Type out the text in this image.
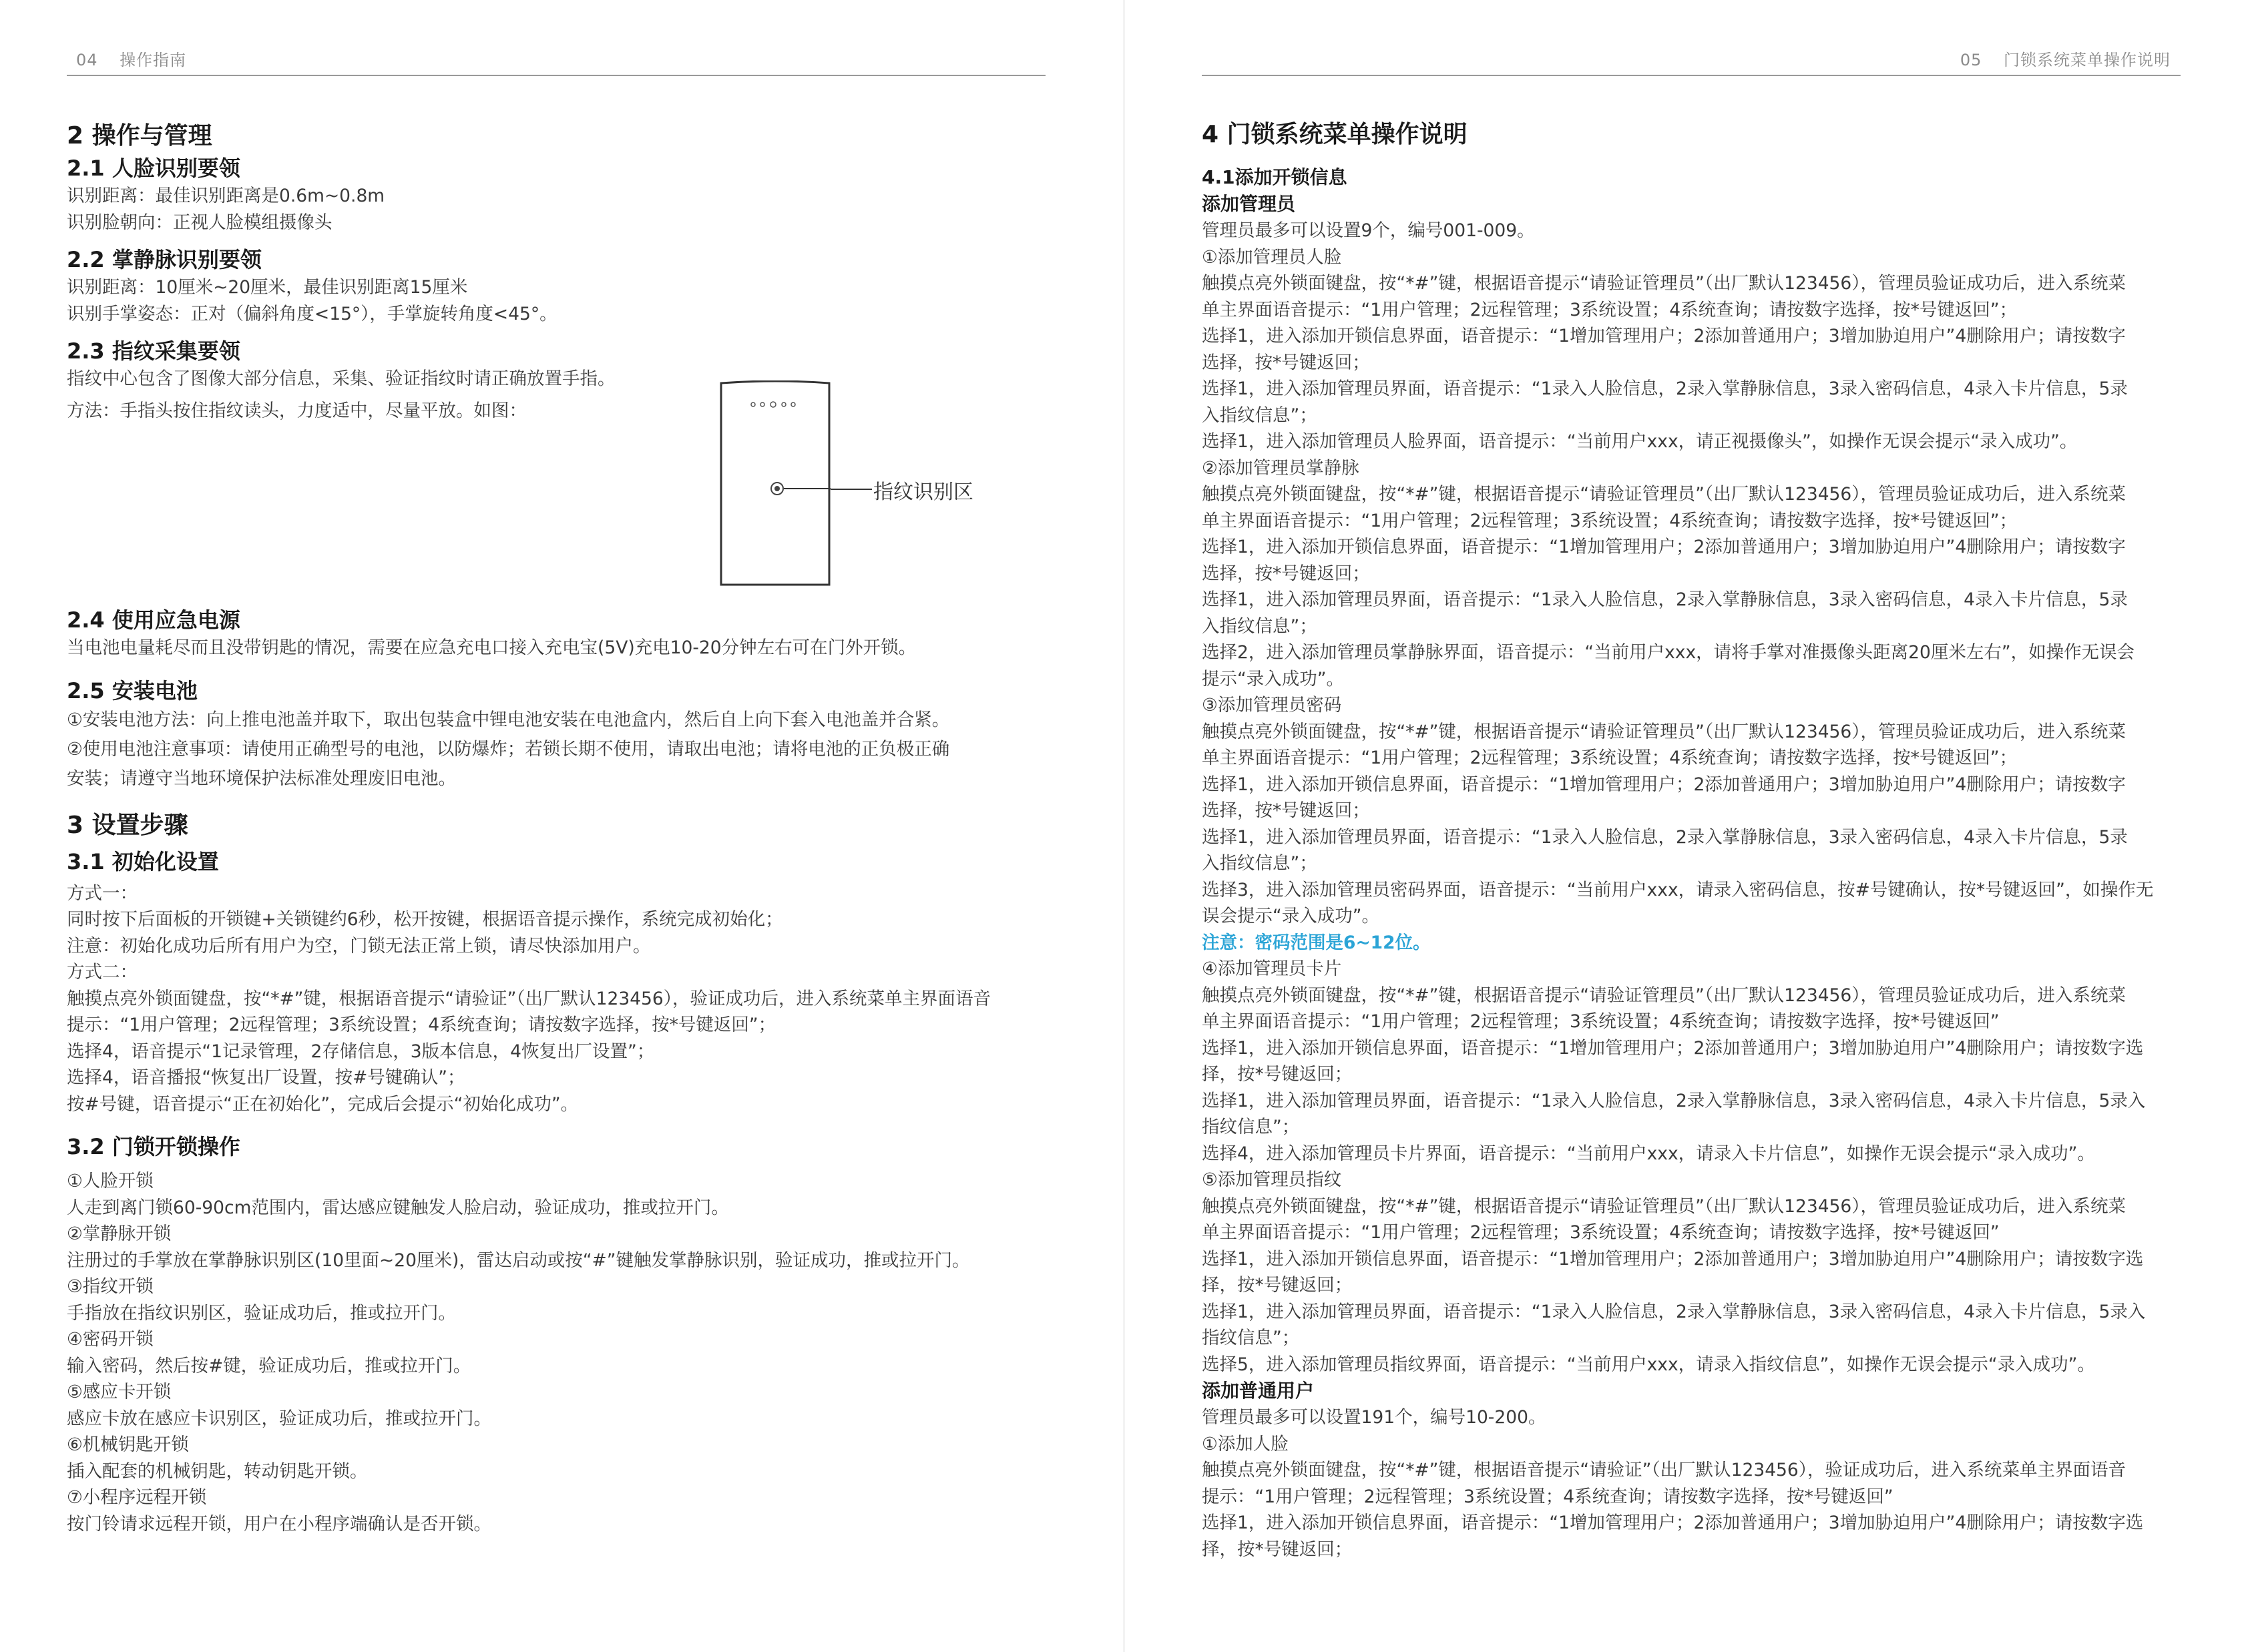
04 操作指南
2 操作与管理
2.1 人脸识别要领
识别距离：最佳识别距离是0.6m~0.8m
识别脸朝向：正视人脸模组摄像头
2.2 掌静脉识别要领
识别距离：10厘米~20厘米，最佳识别距离15厘米
识别手掌姿态：正对（偏斜角度<15°），手掌旋转角度<45°。
2.3 指纹采集要领
指纹中心包含了图像大部分信息，采集、验证指纹时请正确放置手指。
方法：手指头按住指纹读头，力度适中，尽量平放。如图：
2.4 使用应急电源
当电池电量耗尽而且没带钥匙的情况，需要在应急充电口接入充电宝(5V)充电10-20分钟左右可在门外开锁。
2.5 安装电池
①安装电池方法：向上推电池盖并取下，取出包装盒中锂电池安装在电池盒内，然后自上向下套入电池盖并合紧。
②使用电池注意事项：请使用正确型号的电池，以防爆炸；若锁长期不使用，请取出电池；请将电池的正负极正确
安装；请遵守当地环境保护法标准处理废旧电池。
3 设置步骤
3.1 初始化设置
方式一：
同时按下后面板的开锁键+关锁键约6秒，松开按键，根据语音提示操作，系统完成初始化；
注意：初始化成功后所有用户为空，门锁无法正常上锁，请尽快添加用户。
方式二：
触摸点亮外锁面键盘，按“*#”键，根据语音提示“请验证”（出厂默认123456），验证成功后，进入系统菜单主界面语音
提示：“1用户管理；2远程管理；3系统设置；4系统查询；请按数字选择，按*号键返回”；
选择4，语音提示“1记录管理，2存储信息，3版本信息，4恢复出厂设置”；
选择4，语音播报“恢复出厂设置，按#号键确认”；
按#号键，语音提示“正在初始化”，完成后会提示“初始化成功”。
3.2 门锁开锁操作
①人脸开锁
人走到离门锁60-90cm范围内，雷达感应键触发人脸启动，验证成功，推或拉开门。
②掌静脉开锁
注册过的手掌放在掌静脉识别区(10里面~20厘米)，雷达启动或按“#”键触发掌静脉识别，验证成功，推或拉开门。
③指纹开锁
手指放在指纹识别区，验证成功后，推或拉开门。
④密码开锁
输入密码，然后按#键，验证成功后，推或拉开门。
⑤感应卡开锁
感应卡放在感应卡识别区，验证成功后，推或拉开门。
⑥机械钥匙开锁
插入配套的机械钥匙，转动钥匙开锁。
⑦小程序远程开锁
按门铃请求远程开锁，用户在小程序端确认是否开锁。
指纹识别区
05 门锁系统菜单操作说明
4 门锁系统菜单操作说明
4.1添加开锁信息
添加管理员
管理员最多可以设置9个，编号001-009。
①添加管理员人脸
触摸点亮外锁面键盘，按“*#”键，根据语音提示“请验证管理员”（出厂默认123456），管理员验证成功后，进入系统菜
单主界面语音提示：“1用户管理；2远程管理；3系统设置；4系统查询；请按数字选择，按*号键返回”；
选择1，进入添加开锁信息界面，语音提示：“1增加管理用户；2添加普通用户；3增加胁迫用户”4删除用户；请按数字
选择，按*号键返回；
选择1，进入添加管理员界面，语音提示：“1录入人脸信息，2录入掌静脉信息，3录入密码信息，4录入卡片信息，5录
入指纹信息”；
选择1，进入添加管理员人脸界面，语音提示：“当前用户xxx，请正视摄像头”，如操作无误会提示“录入成功”。
②添加管理员掌静脉
触摸点亮外锁面键盘，按“*#”键，根据语音提示“请验证管理员”（出厂默认123456），管理员验证成功后，进入系统菜
单主界面语音提示：“1用户管理；2远程管理；3系统设置；4系统查询；请按数字选择，按*号键返回”；
选择1，进入添加开锁信息界面，语音提示：“1增加管理用户；2添加普通用户；3增加胁迫用户”4删除用户；请按数字
选择，按*号键返回；
选择1，进入添加管理员界面，语音提示：“1录入人脸信息，2录入掌静脉信息，3录入密码信息，4录入卡片信息，5录
入指纹信息”；
选择2，进入添加管理员掌静脉界面，语音提示：“当前用户xxx，请将手掌对准摄像头距离20厘米左右”，如操作无误会
提示“录入成功”。
③添加管理员密码
触摸点亮外锁面键盘，按“*#”键，根据语音提示“请验证管理员”（出厂默认123456），管理员验证成功后，进入系统菜
单主界面语音提示：“1用户管理；2远程管理；3系统设置；4系统查询；请按数字选择，按*号键返回”；
选择1，进入添加开锁信息界面，语音提示：“1增加管理用户；2添加普通用户；3增加胁迫用户”4删除用户；请按数字
选择，按*号键返回；
选择1，进入添加管理员界面，语音提示：“1录入人脸信息，2录入掌静脉信息，3录入密码信息，4录入卡片信息，5录
入指纹信息”；
选择3，进入添加管理员密码界面，语音提示：“当前用户xxx，请录入密码信息，按#号键确认，按*号键返回”，如操作无
误会提示“录入成功”。
注意：密码范围是6~12位。
④添加管理员卡片
触摸点亮外锁面键盘，按“*#”键，根据语音提示“请验证管理员”（出厂默认123456），管理员验证成功后，进入系统菜
单主界面语音提示：“1用户管理；2远程管理；3系统设置；4系统查询；请按数字选择，按*号键返回”
选择1，进入添加开锁信息界面，语音提示：“1增加管理用户；2添加普通用户；3增加胁迫用户”4删除用户；请按数字选
择，按*号键返回；
选择1，进入添加管理员界面，语音提示：“1录入人脸信息，2录入掌静脉信息，3录入密码信息，4录入卡片信息，5录入
指纹信息”；
选择4，进入添加管理员卡片界面，语音提示：“当前用户xxx，请录入卡片信息”，如操作无误会提示“录入成功”。
⑤添加管理员指纹
触摸点亮外锁面键盘，按“*#”键，根据语音提示“请验证管理员”（出厂默认123456），管理员验证成功后，进入系统菜
单主界面语音提示：“1用户管理；2远程管理；3系统设置；4系统查询；请按数字选择，按*号键返回”
选择1，进入添加开锁信息界面，语音提示：“1增加管理用户；2添加普通用户；3增加胁迫用户”4删除用户；请按数字选
择，按*号键返回；
选择1，进入添加管理员界面，语音提示：“1录入人脸信息，2录入掌静脉信息，3录入密码信息，4录入卡片信息，5录入
指纹信息”；
选择5，进入添加管理员指纹界面，语音提示：“当前用户xxx，请录入指纹信息”，如操作无误会提示“录入成功”。
添加普通用户
管理员最多可以设置191个，编号10-200。
①添加人脸
触摸点亮外锁面键盘，按“*#”键，根据语音提示“请验证”（出厂默认123456），验证成功后，进入系统菜单主界面语音
提示：“1用户管理；2远程管理；3系统设置；4系统查询；请按数字选择，按*号键返回”
选择1，进入添加开锁信息界面，语音提示：“1增加管理用户；2添加普通用户；3增加胁迫用户”4删除用户；请按数字选
择，按*号键返回；
